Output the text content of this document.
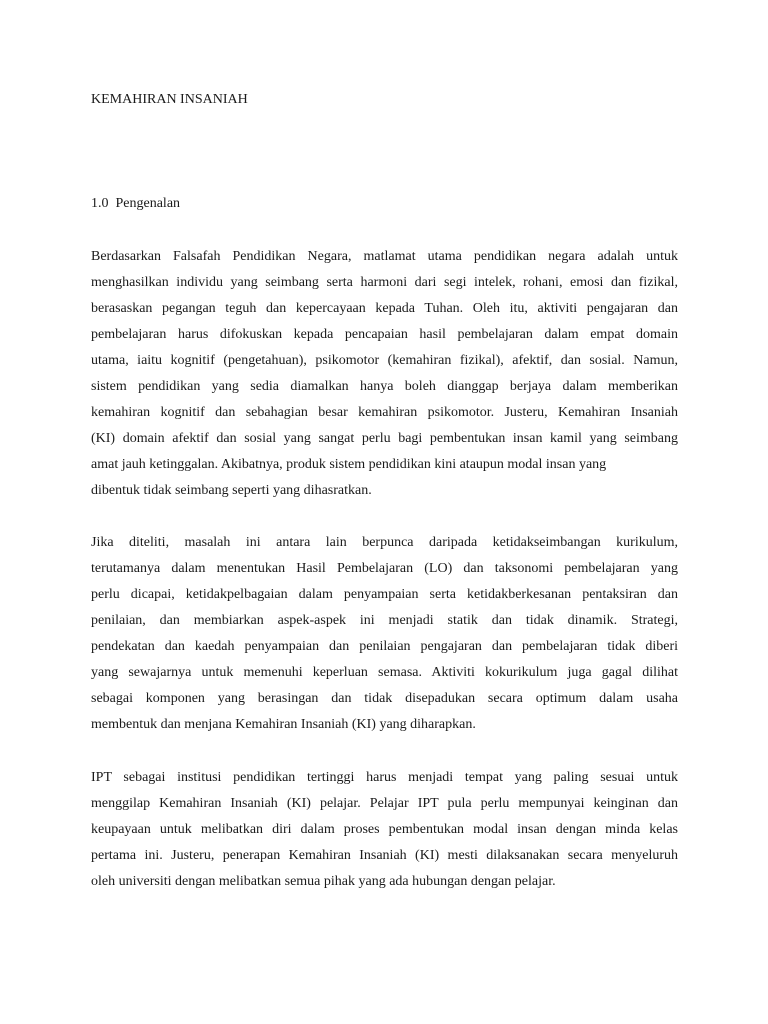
KEMAHIRAN INSANIAH
1.0  Pengenalan
Berdasarkan Falsafah Pendidikan Negara, matlamat utama pendidikan negara adalah untuk
menghasilkan individu yang seimbang serta harmoni dari segi intelek, rohani, emosi dan fizikal,
berasaskan pegangan teguh dan kepercayaan kepada Tuhan. Oleh itu, aktiviti pengajaran dan
pembelajaran harus difokuskan kepada pencapaian hasil pembelajaran dalam empat domain
utama, iaitu kognitif (pengetahuan), psikomotor (kemahiran fizikal), afektif, dan sosial. Namun,
sistem pendidikan yang sedia diamalkan hanya boleh dianggap berjaya dalam memberikan
kemahiran kognitif dan sebahagian besar kemahiran psikomotor. Justeru, Kemahiran Insaniah
(KI) domain afektif dan sosial yang sangat perlu bagi pembentukan insan kamil yang seimbang
amat jauh ketinggalan. Akibatnya, produk sistem pendidikan kini ataupun modal insan yang
dibentuk tidak seimbang seperti yang dihasratkan.
Jika diteliti, masalah ini antara lain berpunca daripada ketidakseimbangan kurikulum,
terutamanya dalam menentukan Hasil Pembelajaran (LO) dan taksonomi pembelajaran yang
perlu dicapai, ketidakpelbagaian dalam penyampaian serta ketidakberkesanan pentaksiran dan
penilaian, dan membiarkan aspek-aspek ini menjadi statik dan tidak dinamik. Strategi,
pendekatan dan kaedah penyampaian dan penilaian pengajaran dan pembelajaran tidak diberi
yang sewajarnya untuk memenuhi keperluan semasa. Aktiviti kokurikulum juga gagal dilihat
sebagai komponen yang berasingan dan tidak disepadukan secara optimum dalam usaha
membentuk dan menjana Kemahiran Insaniah (KI) yang diharapkan.
IPT sebagai institusi pendidikan tertinggi harus menjadi tempat yang paling sesuai untuk
menggilap Kemahiran Insaniah (KI) pelajar. Pelajar IPT pula perlu mempunyai keinginan dan
keupayaan untuk melibatkan diri dalam proses pembentukan modal insan dengan minda kelas
pertama ini. Justeru, penerapan Kemahiran Insaniah (KI) mesti dilaksanakan secara menyeluruh
oleh universiti dengan melibatkan semua pihak yang ada hubungan dengan pelajar.
